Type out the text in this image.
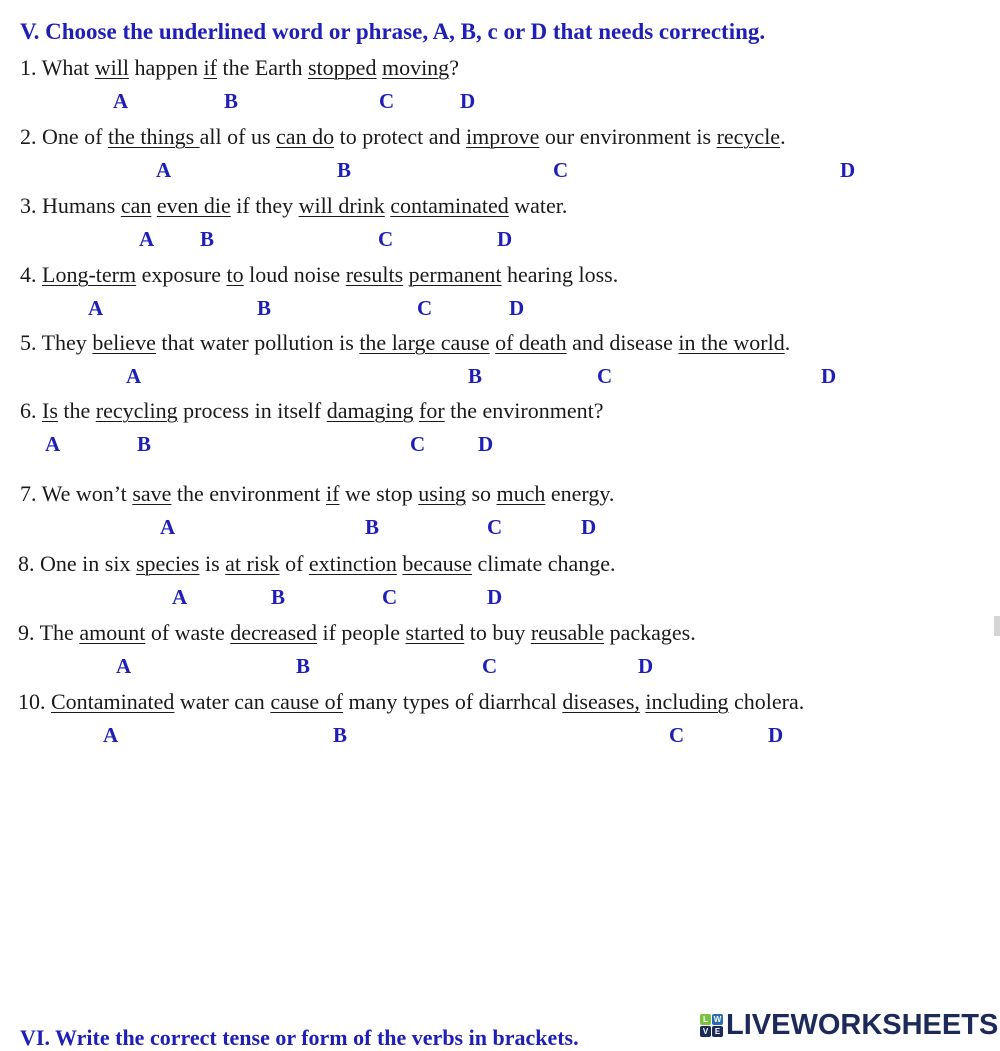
V. Choose the underlined word or phrase, A, B, c or D that needs correcting.
1. What will happen if the Earth stopped moving?
A	B	C	D
2. One of the things all of us can do to protect and improve our environment is recycle.
A	B	C	D
3. Humans can even die if they will drink contaminated water.
A B	C	D
4. Long-term exposure to loud noise results permanent hearing loss.
A	B	C	D
5. They believe that water pollution is the large cause of death and disease in the world.
A	B	C	D
6. Is the recycling process in itself damaging for the environment?
A	B	C	D
7. We won’t save the environment if we stop using so much energy.
A	B	C	D
8. One in six species is at risk of extinction because climate change.
A	B	C	D
9. The amount of waste decreased if people started to buy reusable packages.
A	B	C	D
10. Contaminated water can cause of many types of diarrhcal diseases, including cholera.
A	B	C	D
VI. Write the correct tense or form of the verbs in brackets.
L W
V E LIVEWORKSHEETS
